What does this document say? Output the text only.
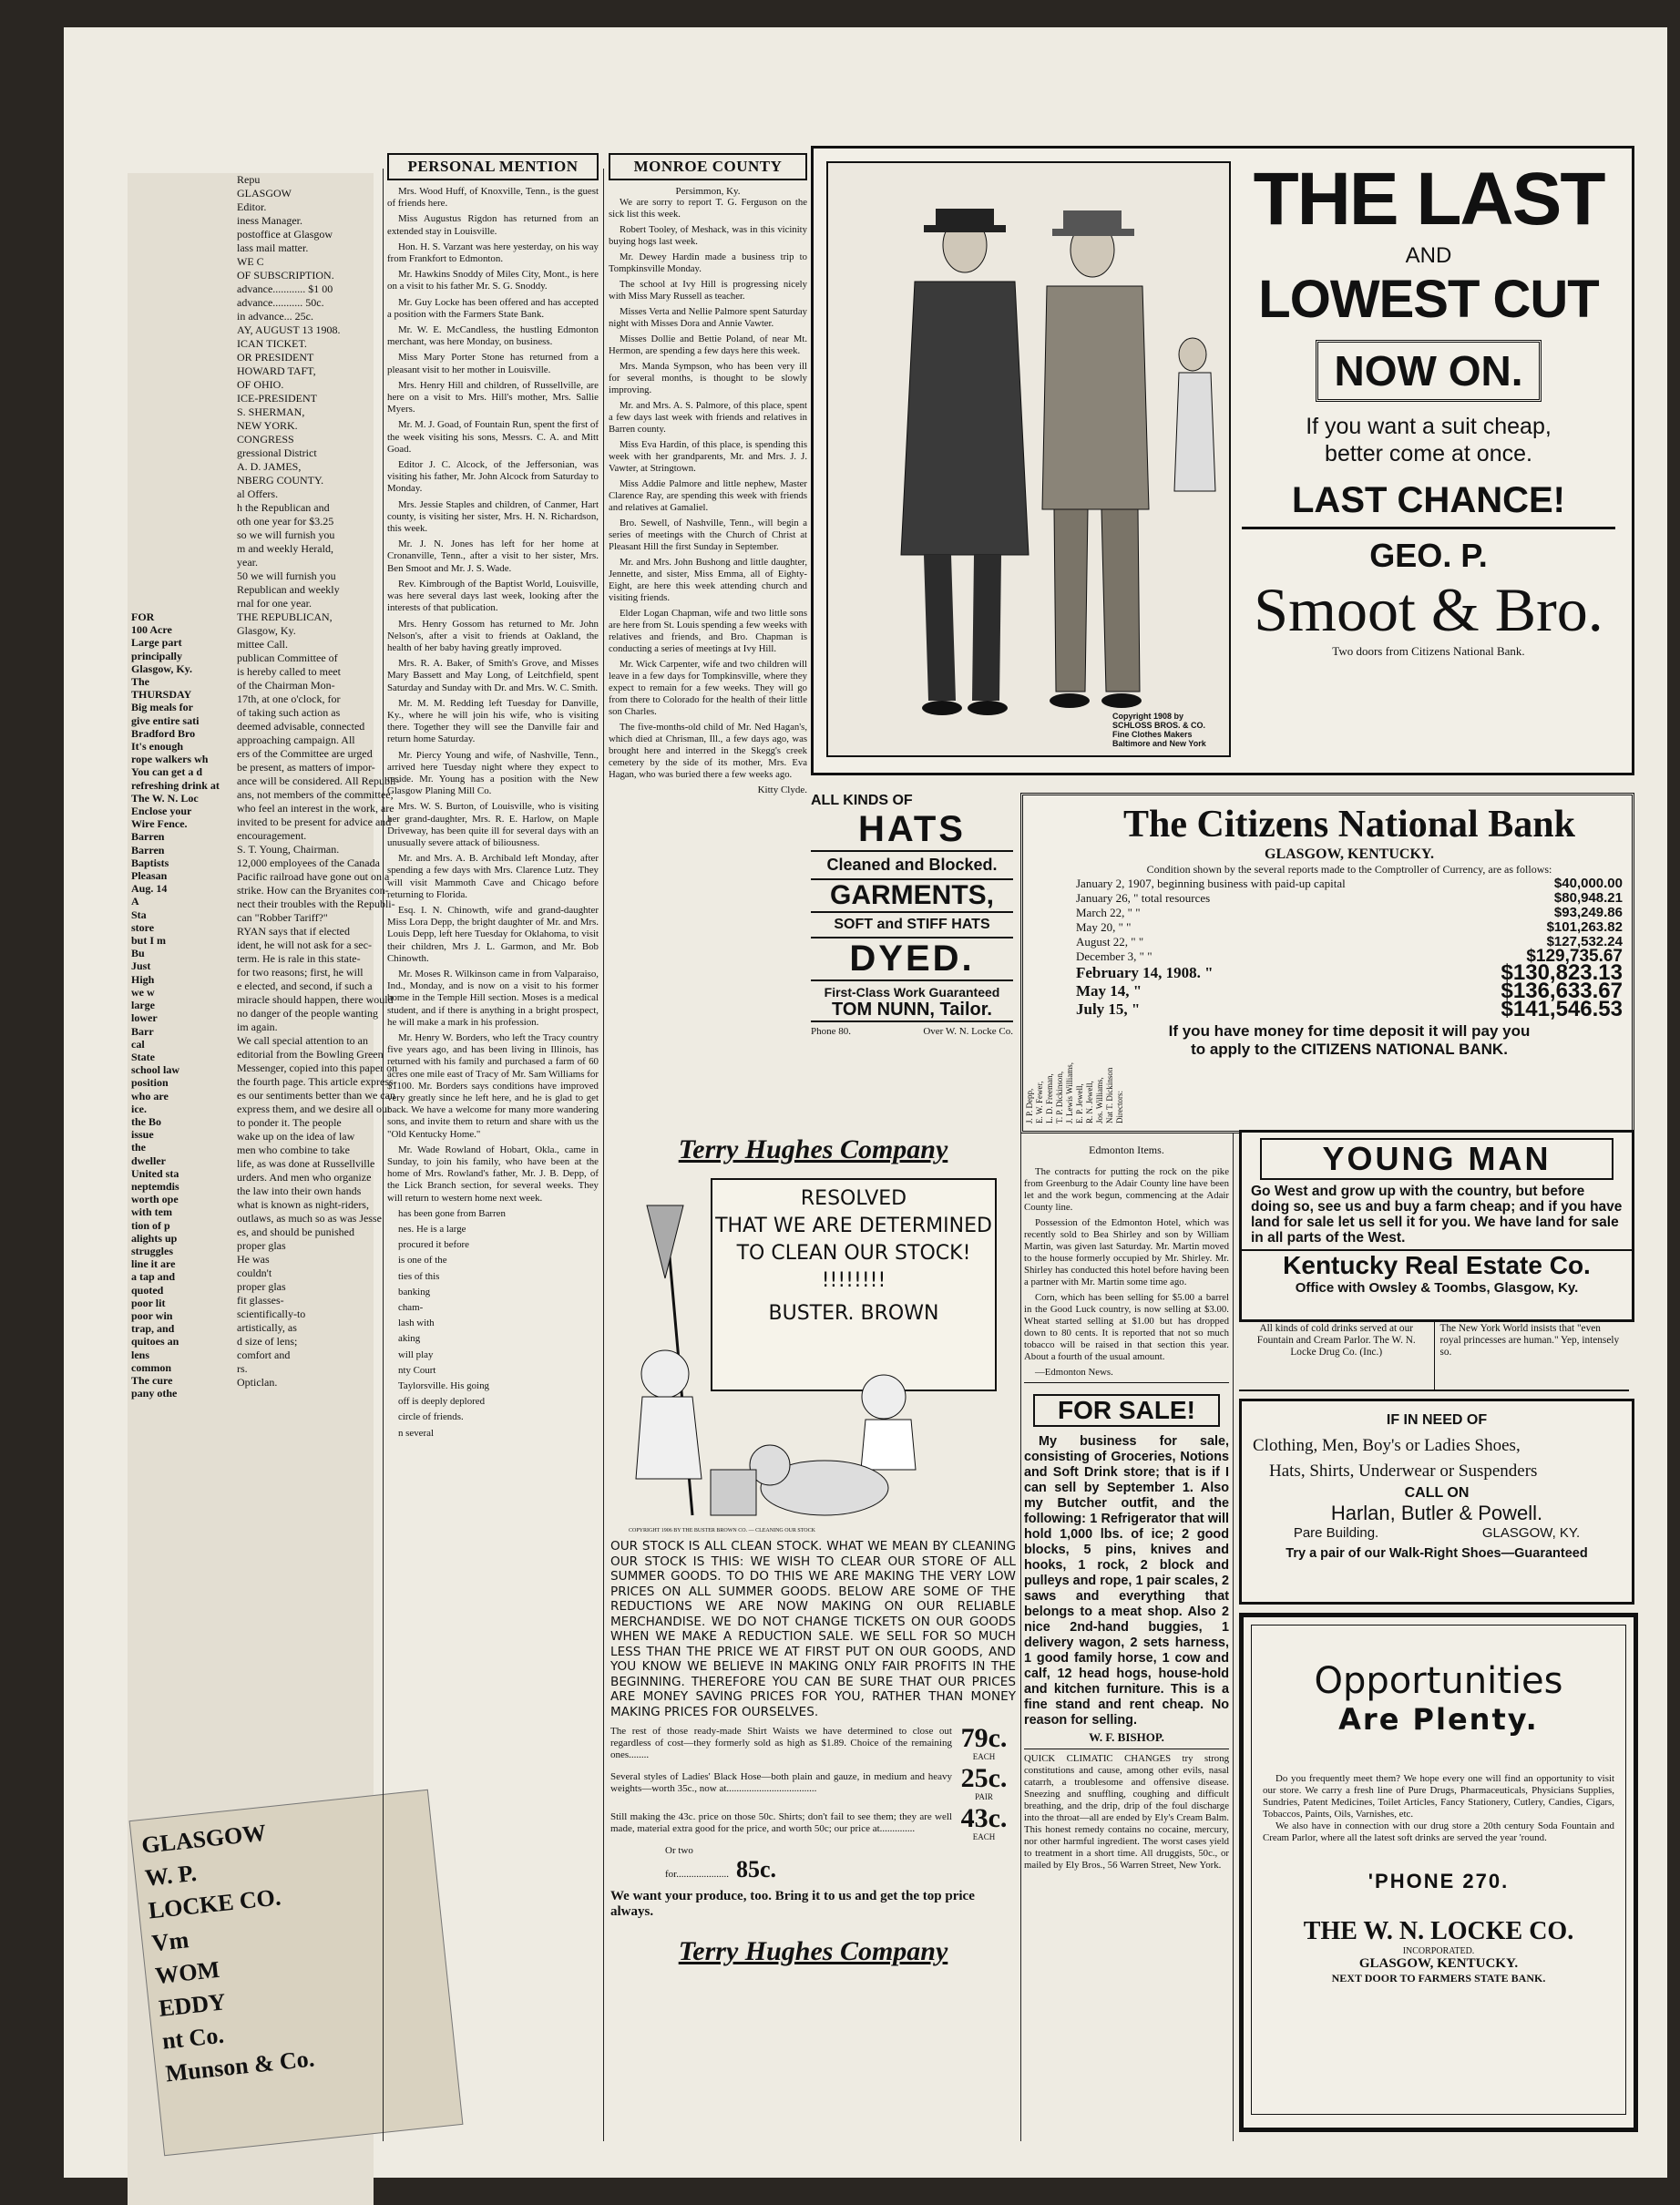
Repu
GLASGOW
Editor.
iness Manager.
postoffice at Glasgow
lass mail matter.
WE C
OF SUBSCRIPTION.
advance............ $1 00
advance........... 50c.
in advance... 25c.
AY, AUGUST 13 1908.
ICAN TICKET.
OR PRESIDENT
HOWARD TAFT,
OF OHIO.
ICE-PRESIDENT
S. SHERMAN,
NEW YORK.
CONGRESS
gressional District
A. D. JAMES,
NBERG COUNTY.
al Offers.
h the Republican and
oth one year for $3.25
so we will furnish you
m and weekly Herald,
year.
50 we will furnish you
Republican and weekly
rnal for one year.
THE REPUBLICAN,
Glasgow, Ky.
mittee Call.
publican Committee of
is hereby called to meet
of the Chairman Mon-
17th, at one o'clock, for
of taking such action as
deemed advisable, connected
approaching campaign. All
ers of the Committee are urged
be present, as matters of impor-
ance will be considered. All Republi-
ans, not members of the committee,
who feel an interest in the work, are
invited to be present for advice and
encouragement.
S. T. Young, Chairman.
12,000 employees of the Canada
Pacific railroad have gone out on a
strike. How can the Bryanites con-
nect their troubles with the Republi-
can "Robber Tariff?"
RYAN says that if elected
ident, he will not ask for a sec-
term. He is rale in this state-
for two reasons; first, he will
e elected, and second, if such a
miracle should happen, there would
no danger of the people wanting
im again.
We call special attention to an
editorial from the Bowling Green
Messenger, copied into this paper on
the fourth page. This article express-
es our sentiments better than we can
express them, and we desire all our
to ponder it. The people
wake up on the idea of law
men who combine to take
life, as was done at Russellville
urders. And men who organize
the law into their own hands
what is known as night-riders,
outlaws, as much so as was Jesse
es, and should be punished
proper glas
He was
couldn't
proper glas
fit glasses-
scientifically-to
artistically, as
d size of lens;
comfort and
rs.
Opticlan.
FOR
100 Acre
Large part
principally
Glasgow, Ky.
The
THURSDAY
Big meals for
give entire sati
Bradford Bro
It's enough
rope walkers wh
You can get a d
refreshing drink at
The W. N. Loc
Enclose your
Wire Fence.
Barren
Barren
Baptists
Pleasan
Aug. 14
A
Sta
store
but I m
Bu
Just
High
we w
large
lower
Barr
cal
State
school law
position
who are
ice.
the Bo
issue
the
dweller
United sta
neptemdis
worth ope
with tem
tion of p
alights up
struggles
line it are
a tap and
quoted
poor lit
poor win
trap, and
quitoes an
lens
common
The cure
pany othe
GLASGOW
W. P.
LOCKE CO.
Vm
WOM
EDDY
nt Co.
Munson & Co.
PERSONAL MENTION

Mrs. Wood Huff, of Knoxville, Tenn., is the guest of friends here.

Miss Augustus Rigdon has returned from an extended stay in Louisville.

Hon. H. S. Varzant was here yesterday, on his way from Frankfort to Edmonton.

Mr. Hawkins Snoddy of Miles City, Mont., is here on a visit to his father Mr. S. G. Snoddy.

Mr. Guy Locke has been offered and has accepted a position with the Farmers State Bank.

Mr. W. E. McCandless, the hustling Edmonton merchant, was here Monday, on business.

Miss Mary Porter Stone has returned from a pleasant visit to her mother in Louisville.

Mrs. Henry Hill and children, of Russellville, are here on a visit to Mrs. Hill's mother, Mrs. Sallie Myers.

Mr. M. J. Goad, of Fountain Run, spent the first of the week visiting his sons, Messrs. C. A. and Mitt Goad.

Editor J. C. Alcock, of the Jeffersonian, was visiting his father, Mr. John Alcock from Saturday to Monday.

Mrs. Jessie Staples and children, of Canmer, Hart county, is visiting her sister, Mrs. H. N. Richardson, this week.

Mr. J. N. Jones has left for her home at Cronanville, Tenn., after a visit to her sister, Mrs. Ben Smoot and Mr. J. S. Wade.

Rev. Kimbrough of the Baptist World, Louisville, was here several days last week, looking after the interests of that publication.

Mrs. Henry Gossom has returned to Mr. John Nelson's, after a visit to friends at Oakland, the health of her baby having greatly improved.

Mrs. R. A. Baker, of Smith's Grove, and Misses Mary Bassett and May Long, of Leitchfield, spent Saturday and Sunday with Dr. and Mrs. W. C. Smith.

Mr. M. M. Redding left Tuesday for Danville, Ky., where he will join his wife, who is visiting there. Together they will see the Danville fair and return home Saturday.

Mr. Piercy Young and wife, of Nashville, Tenn., arrived here Tuesday night where they expect to reside. Mr. Young has a position with the New Glasgow Planing Mill Co.

Mrs. W. S. Burton, of Louisville, who is visiting her grand-daughter, Mrs. R. E. Harlow, on Maple Driveway, has been quite ill for several days with an unusually severe attack of biliousness.

Mr. and Mrs. A. B. Archibald left Monday, after spending a few days with Mrs. Clarence Lutz. They will visit Mammoth Cave and Chicago before returning to Florida.

Esq. I. N. Chinowth, wife and grand-daughter Miss Lora Depp, the bright daughter of Mr. and Mrs. Louis Depp, left here Tuesday for Oklahoma, to visit their children, Mrs J. L. Garmon, and Mr. Bob Chinowth.

Mr. Moses R. Wilkinson came in from Valparaiso, Ind., Monday, and is now on a visit to his former home in the Temple Hill section. Moses is a medical student, and if there is anything in a bright prospect, he will make a mark in his profession.

Mr. Henry W. Borders, who left the Tracy country five years ago, and has been living in Illinois, has returned with his family and purchased a farm of 60 acres one mile east of Tracy of Mr. Sam Williams for $1100. Mr. Borders says conditions have improved very greatly since he left here, and he is glad to get back. We have a welcome for many more wandering sons, and invite them to return and share with us the "Old Kentucky Home."

Mr. Wade Rowland of Hobart, Okla., came in Sunday, to join his family, who have been at the home of Mrs. Rowland's father, Mr. J. B. Depp, of the Lick Branch section, for several weeks. They will return to western home next week.

has been gone from Barren

nes. He is a large

procured it before

is one of the

ties of this

banking

cham-

lash with

aking

will play

nty Court

Taylorsville. His going

off is deeply deplored

circle of friends.

n several

MONROE COUNTY
Persimmon, Ky.

We are sorry to report T. G. Ferguson on the sick list this week.

Robert Tooley, of Meshack, was in this vicinity buying hogs last week.

Mr. Dewey Hardin made a business trip to Tompkinsville Monday.

The school at Ivy Hill is progressing nicely with Miss Mary Russell as teacher.

Misses Verta and Nellie Palmore spent Saturday night with Misses Dora and Annie Vawter.

Misses Dollie and Bettie Poland, of near Mt. Hermon, are spending a few days here this week.

Mrs. Manda Sympson, who has been very ill for several months, is thought to be slowly improving.

Mr. and Mrs. A. S. Palmore, of this place, spent a few days last week with friends and relatives in Barren county.

Miss Eva Hardin, of this place, is spending this week with her grandparents, Mr. and Mrs. J. J. Vawter, at Stringtown.

Miss Addie Palmore and little nephew, Master Clarence Ray, are spending this week with friends and relatives at Gamaliel.

Bro. Sewell, of Nashville, Tenn., will begin a series of meetings with the Church of Christ at Pleasant Hill the first Sunday in September.

Mr. and Mrs. John Bushong and little daughter, Jennette, and sister, Miss Emma, all of Eighty-Eight, are here this week attending church and visiting friends.

Elder Logan Chapman, wife and two little sons are here from St. Louis spending a few weeks with relatives and friends, and Bro. Chapman is conducting a series of meetings at Ivy Hill.

Mr. Wick Carpenter, wife and two children will leave in a few days for Tompkinsville, where they expect to remain for a few weeks. They will go from there to Colorado for the health of their little son Charles.

The five-months-old child of Mr. Ned Hagan's, which died at Chrisman, Ill., a few days ago, was brought here and interred in the Skegg's creek cemetery by the side of its mother, Mrs. Eva Hagan, who was buried there a few weeks ago.

Kitty Clyde.
Copyright 1908 by SCHLOSS BROS. & CO. Fine Clothes Makers Baltimore and New York
THE LAST
AND
LOWEST CUT
NOW ON.
If you want a suit cheap,
better come at once.
LAST CHANCE!
GEO. P.
Smoot & Bro.
Two doors from Citizens National Bank.
ALL KINDS OF
HATS
Cleaned and Blocked.
GARMENTS,
SOFT and STIFF HATS
DYED.
First-Class Work Guaranteed
TOM NUNN, Tailor.
Phone 80.	Over W. N. Locke Co.
J. P. Depp, E. W. Fewer, L. D. Freeman, T. P. Dickinson, J. Lewis Williams, E. P. Jewell, R. N. Jewell, Jos. Williams, Nat T. Dickinson Directors:
The Citizens National Bank
GLASGOW, KENTUCKY.
Condition shown by the several reports made to the Comptroller of Currency, are as follows:
January 2, 1907, beginning business with paid-up capital	$40,000.00
January 26, " total resources	$80,948.21
March 22, " "	$93,249.86
May 20, " "	$101,263.82
August 22, " "	$127,532.24
December 3, " "	$129,735.67
February 14, 1908. "	$130,823.13
May 14, "	$136,633.67
July 15, "	$141,546.53
If you have money for time deposit it will pay you
to apply to the CITIZENS NATIONAL BANK.
Terry Hughes Company
RESOLVED
THAT WE ARE DETERMINED
TO CLEAN OUR STOCK!
!!!!!!!!
BUSTER. BROWN
COPYRIGHT 1906 BY THE BUSTER BROWN CO. — CLEANING OUR STOCK
OUR STOCK IS ALL CLEAN STOCK. WHAT WE MEAN BY CLEANING OUR STOCK IS THIS: WE WISH TO CLEAR OUR STORE OF ALL SUMMER GOODS. TO DO THIS WE ARE MAKING THE VERY LOW PRICES ON ALL SUMMER GOODS. BELOW ARE SOME OF THE REDUCTIONS WE ARE NOW MAKING ON OUR RELIABLE MERCHANDISE. WE DO NOT CHANGE TICKETS ON OUR GOODS WHEN WE MAKE A REDUCTION SALE. WE SELL FOR SO MUCH LESS THAN THE PRICE WE AT FIRST PUT ON OUR GOODS, AND YOU KNOW WE BELIEVE IN MAKING ONLY FAIR PROFITS IN THE BEGINNING. THEREFORE YOU CAN BE SURE THAT OUR PRICES ARE MONEY SAVING PRICES FOR YOU, RATHER THAN MONEY MAKING PRICES FOR OURSELVES.
The rest of those ready-made Shirt Waists we have determined to close out regardless of cost—they formerly sold as high as $1.89. Choice of the remaining ones........
79c.
EACH
Several styles of Ladies' Black Hose—both plain and gauze, in medium and heavy weights—worth 35c., now at....................................	25c.
PAIR
Still making the 43c. price on those 50c. Shirts; don't fail to see them; they are well made, material extra good for the price, and worth 50c; our price at..............	43c.
EACH
Or two
for..................... 85c.
We want your produce, too. Bring it to us and get the top price always.
Terry Hughes Company
Edmonton Items.

The contracts for putting the rock on the pike from Greenburg to the Adair County line have been let and the work begun, commencing at the Adair County line.

Possession of the Edmonton Hotel, which was recently sold to Bea Shirley and son by William Martin, was given last Saturday. Mr. Martin moved to the house formerly occupied by Mr. Shirley. Mr. Shirley has conducted this hotel before having been a partner with Mr. Martin some time ago.

Corn, which has been selling for $5.00 a barrel in the Good Luck country, is now selling at $3.00. Wheat started selling at $1.00 but has dropped down to 80 cents. It is reported that not so much tobacco will be raised in that section this year. About a fourth of the usual amount.

—Edmonton News.

FOR SALE!
My business for sale, consisting of Groceries, Notions and Soft Drink store; that is if I can sell by September 1. Also my Butcher outfit, and the following: 1 Refrigerator that will hold 1,000 lbs. of ice; 2 good blocks, 5 pins, knives and hooks, 1 rock, 2 block and pulleys and rope, 1 pair scales, 2 saws and everything that belongs to a meat shop. Also 2 nice 2nd-hand buggies, 1 delivery wagon, 2 sets harness, 1 good family horse, 1 cow and calf, 12 head hogs, house-hold and kitchen furniture. This is a fine stand and rent cheap. No reason for selling.
W. F. BISHOP.
QUICK CLIMATIC CHANGES try strong constitutions and cause, among other evils, nasal catarrh, a troublesome and offensive disease. Sneezing and snuffling, coughing and difficult breathing, and the drip, drip of the foul discharge into the throat—all are ended by Ely's Cream Balm. This honest remedy contains no cocaine, mercury, nor other harmful ingredient. The worst cases yield to treatment in a short time. All druggists, 50c., or mailed by Ely Bros., 56 Warren Street, New York.
YOUNG MAN
Go West and grow up with the country, but before doing so, see us and buy a farm cheap; and if you have land for sale let us sell it for you. We have land for sale in all parts of the West.
Kentucky Real Estate Co.
Office with Owsley & Toombs, Glasgow, Ky.
All kinds of cold drinks served at our Fountain and Cream Parlor. The W. N. Locke Drug Co. (Inc.)
The New York World insists that "even royal princesses are human." Yep, intensely so.
IF IN NEED OF
Clothing, Men, Boy's or Ladies Shoes,
Hats, Shirts, Underwear or Suspenders
CALL ON
Harlan, Butler & Powell.
Pare Building.	GLASGOW, KY.
Try a pair of our Walk-Right Shoes—Guaranteed
Opportunities
Are Plenty.
Do you frequently meet them? We hope every one will find an opportunity to visit our store. We carry a fresh line of Pure Drugs, Pharmaceuticals, Physicians Supplies, Sundries, Patent Medicines, Toilet Articles, Fancy Stationery, Cutlery, Candies, Cigars, Tobaccos, Paints, Oils, Varnishes, etc.
We also have in connection with our drug store a 20th century Soda Fountain and Cream Parlor, where all the latest soft drinks are served the year 'round.
'PHONE 270.
THE W. N. LOCKE CO.
INCORPORATED.
GLASGOW, KENTUCKY.
NEXT DOOR TO FARMERS STATE BANK.
